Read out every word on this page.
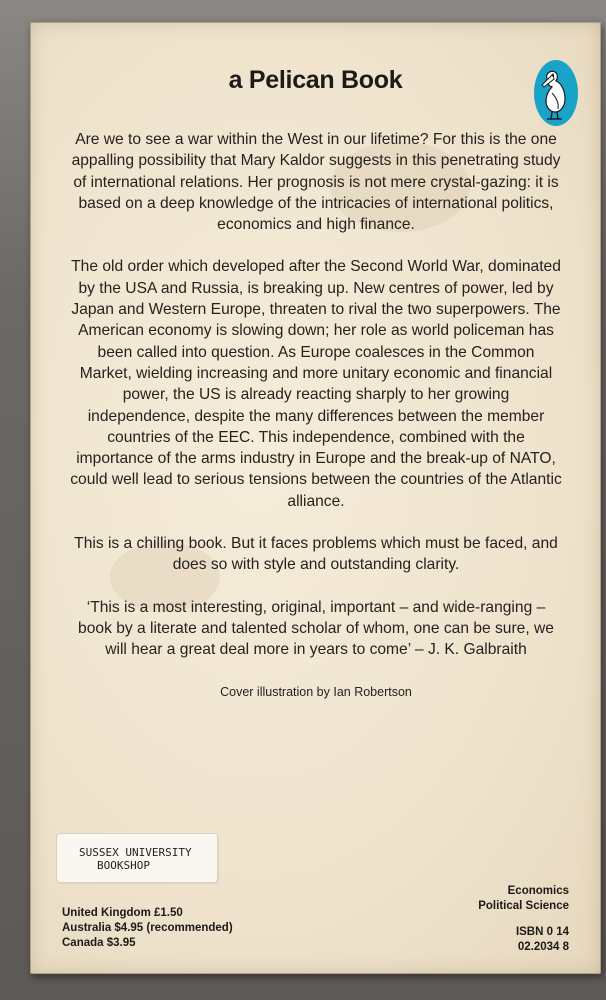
a Pelican Book

Are we to see a war within the West in our lifetime? For this is the one appalling possibility that Mary Kaldor suggests in this penetrating study of international relations. Her prognosis is not mere crystal-gazing: it is based on a deep knowledge of the intricacies of international politics, economics and high finance.

The old order which developed after the Second World War, dominated by the USA and Russia, is breaking up. New centres of power, led by Japan and Western Europe, threaten to rival the two superpowers. The American economy is slowing down; her role as world policeman has been called into question. As Europe coalesces in the Common Market, wielding increasing and more unitary economic and financial power, the US is already reacting sharply to her growing independence, despite the many differences between the member countries of the EEC. This independence, combined with the importance of the arms industry in Europe and the break-up of NATO, could well lead to serious tensions between the countries of the Atlantic alliance.

This is a chilling book. But it faces problems which must be faced, and does so with style and outstanding clarity.

‘This is a most interesting, original, important – and wide-ranging – book by a literate and talented scholar of whom, one can be sure, we will hear a great deal more in years to come’ – J. K. Galbraith

Cover illustration by Ian Robertson

SUSSEX UNIVERSITY
BOOKSHOP
United Kingdom £1.50
Australia $4.95 (recommended)
Canada $3.95
Economics
Political Science
ISBN 0 14
02.2034 8
